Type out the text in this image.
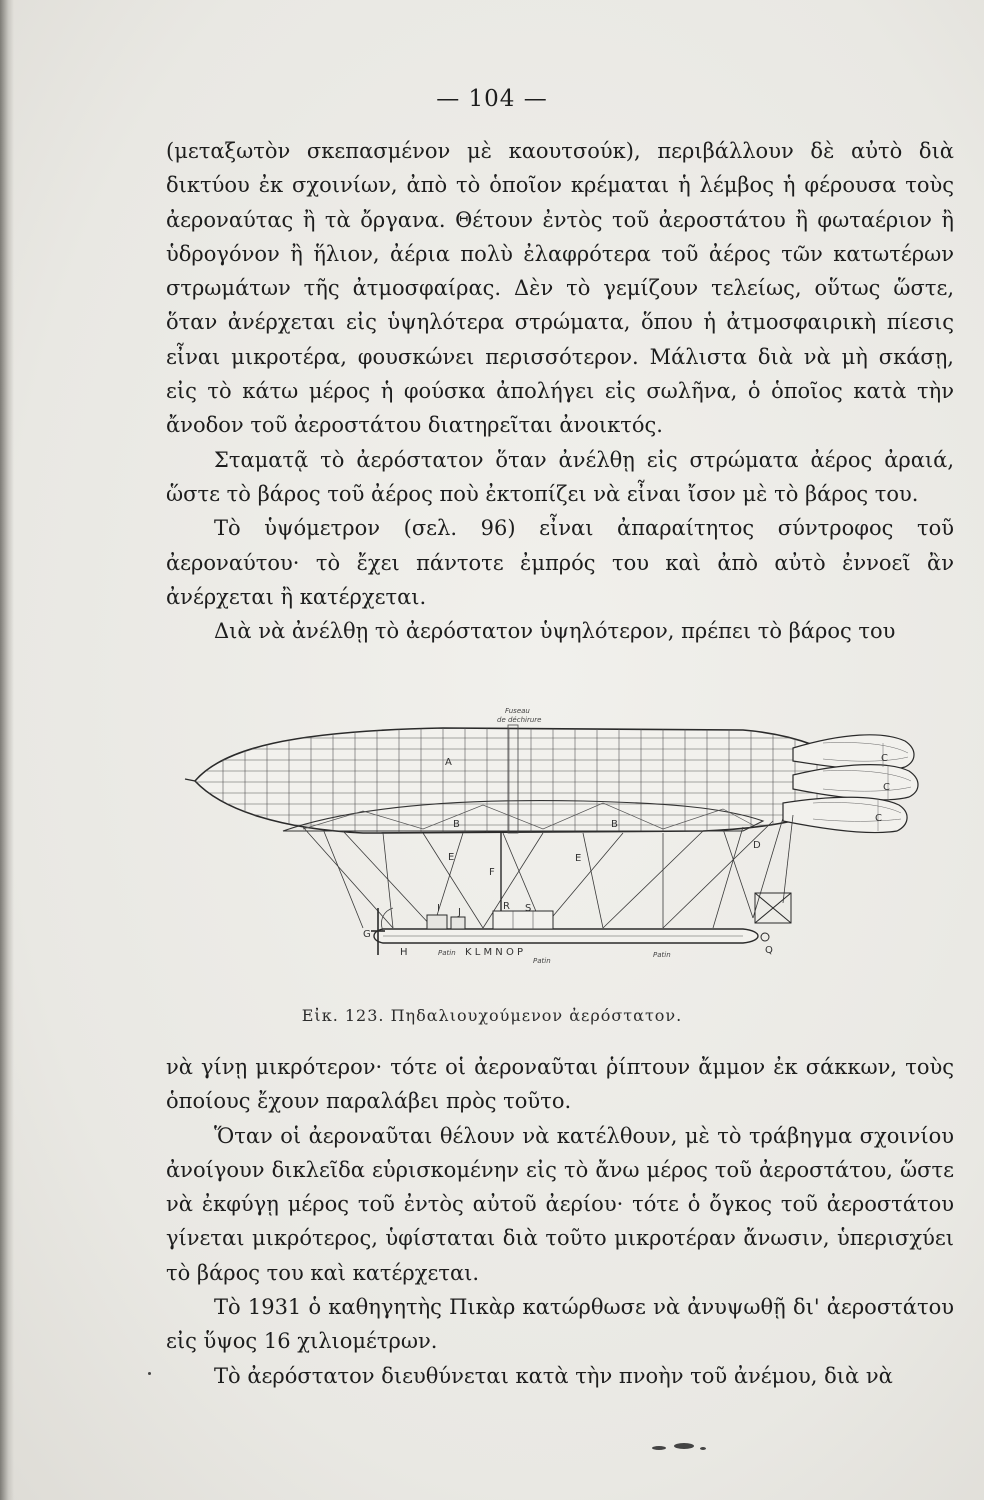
— 104 —

(μεταξωτὸν σκεπασμένον μὲ καουτσούκ), περιβάλλουν δὲ αὐτὸ διὰ δικτύου ἐκ σχοινίων, ἀπὸ τὸ ὁποῖον κρέμαται ἡ λέμβος ἡ φέρουσα τοὺς ἀεροναύτας ἢ τὰ ὄργανα. Θέτουν ἐντὸς τοῦ ἀεροστάτου ἢ φωταέριον ἢ ὑδρογόνον ἢ ἥλιον, ἀέρια πολὺ ἐλαφρότερα τοῦ ἀέρος τῶν κατωτέρων στρωμάτων τῆς ἀτμοσφαίρας. Δὲν τὸ γεμίζουν τελείως, οὕτως ὥστε, ὅταν ἀνέρχεται εἰς ὑψηλότερα στρώματα, ὅπου ἡ ἀτμοσφαιρικὴ πίεσις εἶναι μικροτέρα, φουσκώνει περισσότερον. Μάλιστα διὰ νὰ μὴ σκάσῃ, εἰς τὸ κάτω μέρος ἡ φούσκα ἀπολήγει εἰς σωλῆνα, ὁ ὁποῖος κατὰ τὴν ἄνοδον τοῦ ἀεροστάτου διατηρεῖται ἀνοικτός.

Σταματᾷ τὸ ἀερόστατον ὅταν ἀνέλθῃ εἰς στρώματα ἀέρος ἀραιά, ὥστε τὸ βάρος τοῦ ἀέρος ποὺ ἐκτοπίζει νὰ εἶναι ἴσον μὲ τὸ βάρος του.

Τὸ ὑψόμετρον (σελ. 96) εἶναι ἀπαραίτητος σύντροφος τοῦ ἀεροναύτου· τὸ ἔχει πάντοτε ἐμπρός του καὶ ἀπὸ αὐτὸ ἐννοεῖ ἂν ἀνέρχεται ἢ κατέρχεται.

Διὰ νὰ ἀνέλθῃ τὸ ἀερόστατον ὑψηλότερον, πρέπει τὸ βάρος του

Fuseau
de déchirure
A
B	B
C
C
C
D
E	E
F
G
H
I J
R S
Q
K L M N O P
Patin
Patin
Patin
Εἰκ. 123. Πηδαλιουχούμενον ἀερόστατον.

νὰ γίνῃ μικρότερον· τότε οἱ ἀεροναῦται ῥίπτουν ἄμμον ἐκ σάκκων, τοὺς ὁποίους ἔχουν παραλάβει πρὸς τοῦτο.

Ὅταν οἱ ἀεροναῦται θέλουν νὰ κατέλθουν, μὲ τὸ τράβηγμα σχοινίου ἀνοίγουν δικλεῖδα εὑρισκομένην εἰς τὸ ἄνω μέρος τοῦ ἀεροστάτου, ὥστε νὰ ἐκφύγῃ μέρος τοῦ ἐντὸς αὐτοῦ ἀερίου· τότε ὁ ὄγκος τοῦ ἀεροστάτου γίνεται μικρότερος, ὑφίσταται διὰ τοῦτο μικροτέραν ἄνωσιν, ὑπερισχύει τὸ βάρος του καὶ κατέρχεται.

Τὸ 1931 ὁ καθηγητὴς Πικὰρ κατώρθωσε νὰ ἀνυψωθῇ δι' ἀεροστάτου εἰς ὕψος 16 χιλιομέτρων.

Τὸ ἀερόστατον διευθύνεται κατὰ τὴν πνοὴν τοῦ ἀνέμου, διὰ νὰ
